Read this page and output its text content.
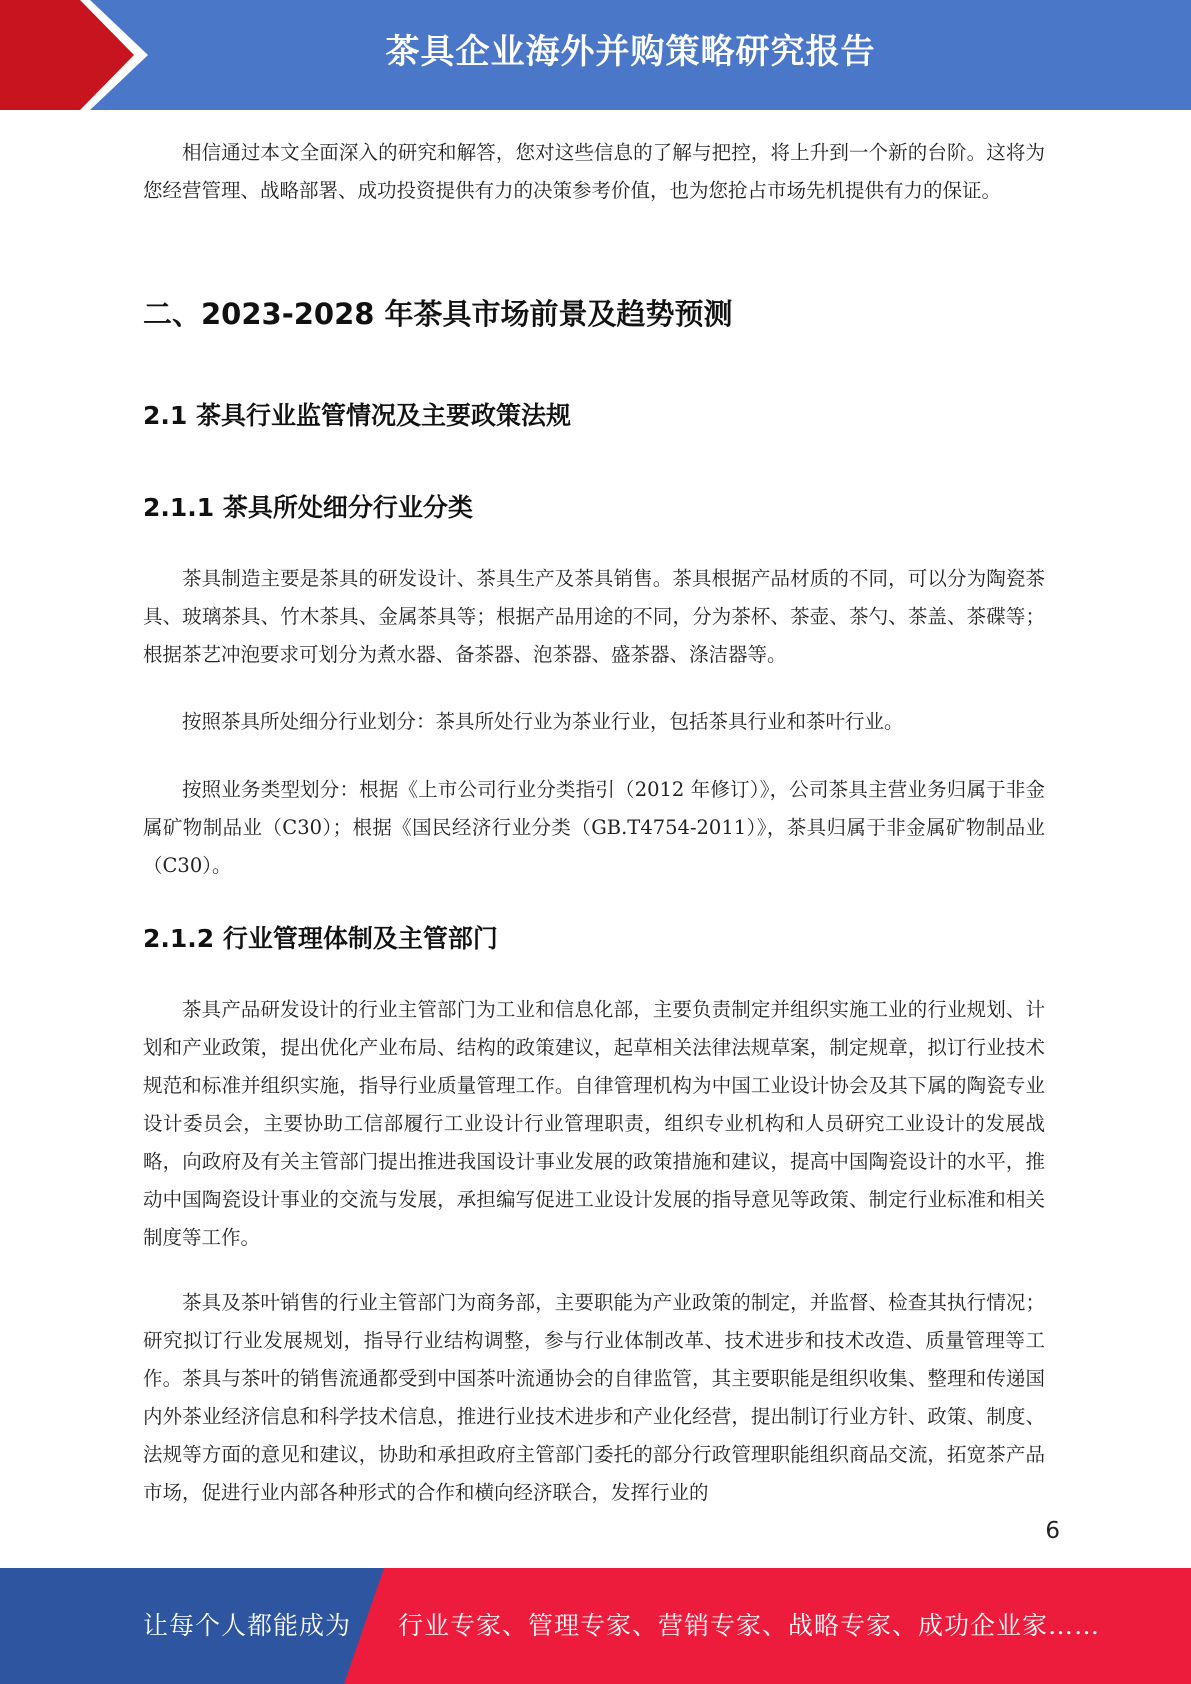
茶具企业海外并购策略研究报告

相信通过本文全面深入的研究和解答，您对这些信息的了解与把控，将上升到一个新的台阶。这将为您经营管理、战略部署、成功投资提供有力的决策参考价值，也为您抢占市场先机提供有力的保证。

二、2023-2028 年茶具市场前景及趋势预测
2.1 茶具行业监管情况及主要政策法规
2.1.1 茶具所处细分行业分类

茶具制造主要是茶具的研发设计、茶具生产及茶具销售。茶具根据产品材质的不同，可以分为陶瓷茶具、玻璃茶具、竹木茶具、金属茶具等；根据产品用途的不同，分为茶杯、茶壶、茶勺、茶盖、茶碟等；根据茶艺冲泡要求可划分为煮水器、备茶器、泡茶器、盛茶器、涤洁器等。

按照茶具所处细分行业划分：茶具所处行业为茶业行业，包括茶具行业和茶叶行业。

按照业务类型划分：根据《上市公司行业分类指引（2012 年修订）》，公司茶具主营业务归属于非金属矿物制品业（C30）；根据《国民经济行业分类（GB.T4754-2011）》，茶具归属于非金属矿物制品业（C30）。

2.1.2 行业管理体制及主管部门

茶具产品研发设计的行业主管部门为工业和信息化部，主要负责制定并组织实施工业的行业规划、计划和产业政策，提出优化产业布局、结构的政策建议，起草相关法律法规草案，制定规章，拟订行业技术规范和标准并组织实施，指导行业质量管理工作。自律管理机构为中国工业设计协会及其下属的陶瓷专业设计委员会，主要协助工信部履行工业设计行业管理职责，组织专业机构和人员研究工业设计的发展战略，向政府及有关主管部门提出推进我国设计事业发展的政策措施和建议，提高中国陶瓷设计的水平，推动中国陶瓷设计事业的交流与发展，承担编写促进工业设计发展的指导意见等政策、制定行业标准和相关制度等工作。

茶具及茶叶销售的行业主管部门为商务部，主要职能为产业政策的制定，并监督、检查其执行情况；研究拟订行业发展规划，指导行业结构调整，参与行业体制改革、技术进步和技术改造、质量管理等工作。茶具与茶叶的销售流通都受到中国茶叶流通协会的自律监管，其主要职能是组织收集、整理和传递国内外茶业经济信息和科学技术信息，推进行业技术进步和产业化经营，提出制订行业方针、政策、制度、法规等方面的意见和建议，协助和承担政府主管部门委托的部分行政管理职能组织商品交流，拓宽茶产品市场，促进行业内部各种形式的合作和横向经济联合，发挥行业的

6
让每个人都能成为 行业专家、管理专家、营销专家、战略专家、成功企业家……
